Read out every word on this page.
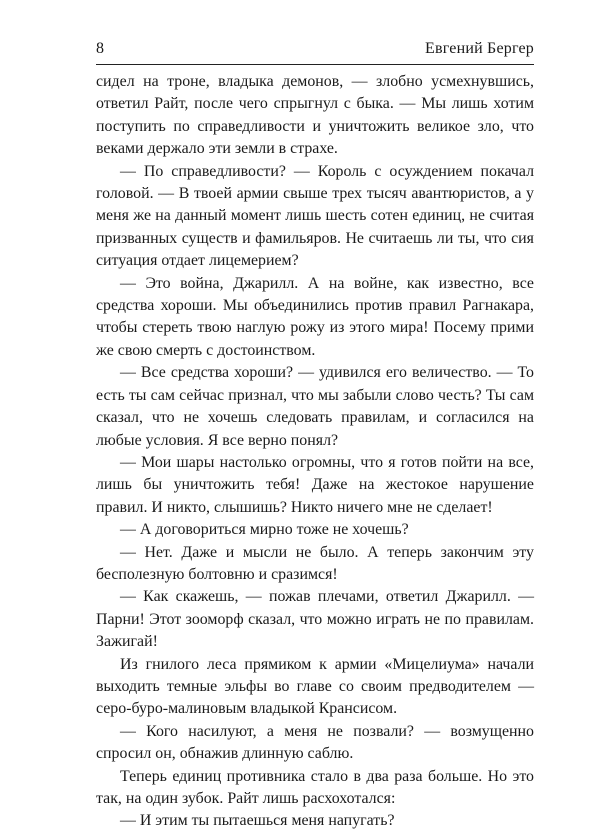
8	Евгений Бергер

сидел на троне, владыка демонов, — злобно усмехнувшись, ответил Райт, после чего спрыгнул с быка. — Мы лишь хотим поступить по справедливости и уничтожить великое зло, что веками держало эти земли в страхе.

— По справедливости? — Король с осуждением покачал головой. — В твоей армии свыше трех тысяч авантюристов, а у меня же на данный момент лишь шесть сотен единиц, не считая призванных существ и фамильяров. Не считаешь ли ты, что сия ситуация отдает лицемерием?

— Это война, Джарилл. А на войне, как известно, все средства хороши. Мы объединились против правил Рагнакара, чтобы стереть твою наглую рожу из этого мира! Посему прими же свою смерть с достоинством.

— Все средства хороши? — удивился его величество. — То есть ты сам сейчас признал, что мы забыли слово честь? Ты сам сказал, что не хочешь следовать правилам, и согласился на любые условия. Я все верно понял?

— Мои шары настолько огромны, что я готов пойти на все, лишь бы уничтожить тебя! Даже на жестокое нарушение правил. И никто, слышишь? Никто ничего мне не сделает!

— А договориться мирно тоже не хочешь?

— Нет. Даже и мысли не было. А теперь закончим эту бесполезную болтовню и сразимся!

— Как скажешь, — пожав плечами, ответил Джарилл. — Парни! Этот зооморф сказал, что можно играть не по правилам. Зажигай!

Из гнилого леса прямиком к армии «Мицелиума» начали выходить темные эльфы во главе со своим предводителем — серо-буро-малиновым владыкой Крансисом.

— Кого насилуют, а меня не позвали? — возмущенно спросил он, обнажив длинную саблю.

Теперь единиц противника стало в два раза больше. Но это так, на один зубок. Райт лишь расхохотался:

— И этим ты пытаешься меня напугать?
